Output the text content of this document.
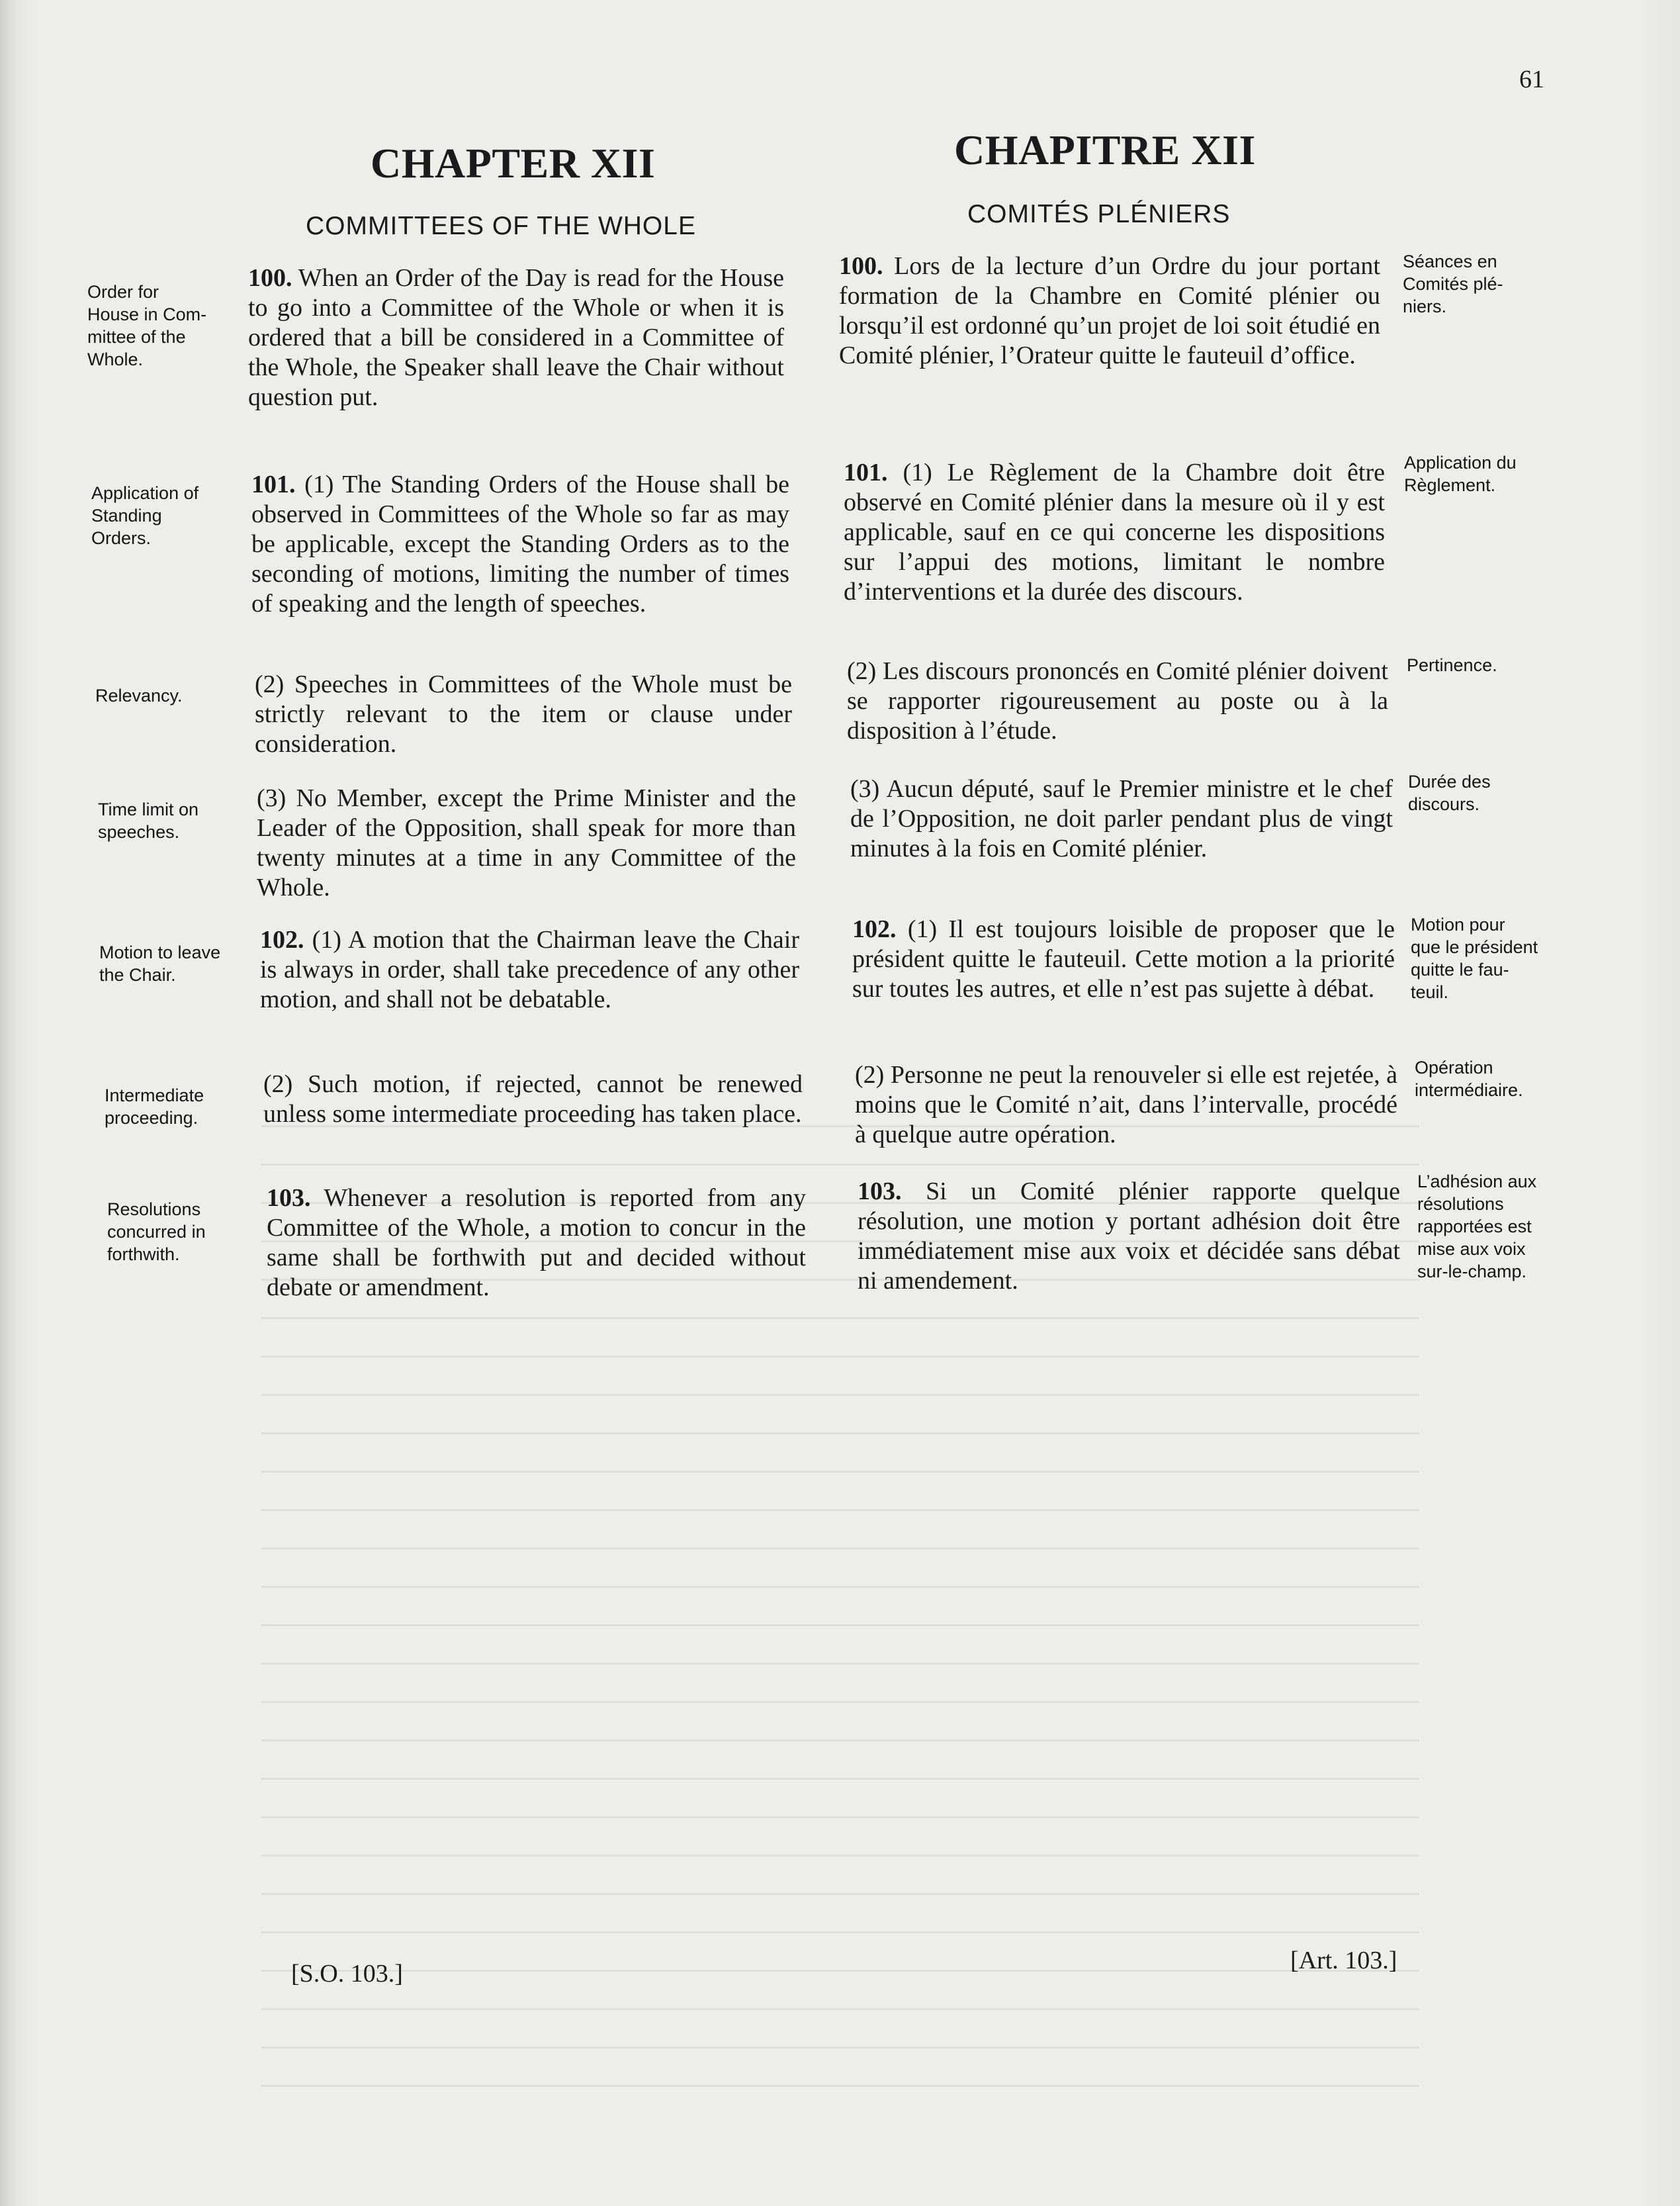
61
CHAPTER XII
COMMITTEES OF THE WHOLE
Order for
House in Com-
mittee of the
Whole.
Application of
Standing
Orders.
Relevancy.
Time limit on
speeches.
Motion to leave
the Chair.
Intermediate
proceeding.
Resolutions
concurred in
forthwith.

100. When an Order of the Day is read for the House to go into a Committee of the Whole or when it is ordered that a bill be considered in a Committee of the Whole, the Speaker shall leave the Chair without question put.

101. (1) The Standing Orders of the House shall be observed in Committees of the Whole so far as may be applicable, except the Standing Orders as to the seconding of motions, limiting the number of times of speaking and the length of speeches.

(2) Speeches in Committees of the Whole must be strictly relevant to the item or clause under consideration.

(3) No Member, except the Prime Minister and the Leader of the Opposition, shall speak for more than twenty minutes at a time in any Committee of the Whole.

102. (1) A motion that the Chairman leave the Chair is always in order, shall take precedence of any other motion, and shall not be debatable.

(2) Such motion, if rejected, cannot be renewed unless some intermediate proceeding has taken place.

103. Whenever a resolution is reported from any Committee of the Whole, a motion to concur in the same shall be forthwith put and decided without debate or amendment.

[S.O. 103.]
CHAPITRE XII
COMITÉS PLÉNIERS

100. Lors de la lecture d’un Ordre du jour portant formation de la Chambre en Comité plénier ou lorsqu’il est ordonné qu’un projet de loi soit étudié en Comité plénier, l’Orateur quitte le fauteuil d’office.

101. (1) Le Règlement de la Chambre doit être observé en Comité plénier dans la mesure où il y est applicable, sauf en ce qui concerne les dispositions sur l’appui des motions, limitant le nombre d’interventions et la durée des discours.

(2) Les discours prononcés en Comité plénier doivent se rapporter rigoureusement au poste ou à la disposition à l’étude.

(3) Aucun député, sauf le Premier ministre et le chef de l’Opposition, ne doit parler pendant plus de vingt minutes à la fois en Comité plénier.

102. (1) Il est toujours loisible de proposer que le président quitte le fauteuil. Cette motion a la priorité sur toutes les autres, et elle n’est pas sujette à débat.

(2) Personne ne peut la renouveler si elle est rejetée, à moins que le Comité n’ait, dans l’intervalle, procédé à quelque autre opération.

103. Si un Comité plénier rapporte quelque résolution, une motion y portant adhésion doit être immédiatement mise aux voix et décidée sans débat ni amendement.

Séances en
Comités plé-
niers.
Application du
Règlement.
Pertinence.
Durée des
discours.
Motion pour
que le président
quitte le fau-
teuil.
Opération
intermédiaire.
L’adhésion aux
résolutions
rapportées est
mise aux voix
sur-le-champ.
[Art. 103.]
